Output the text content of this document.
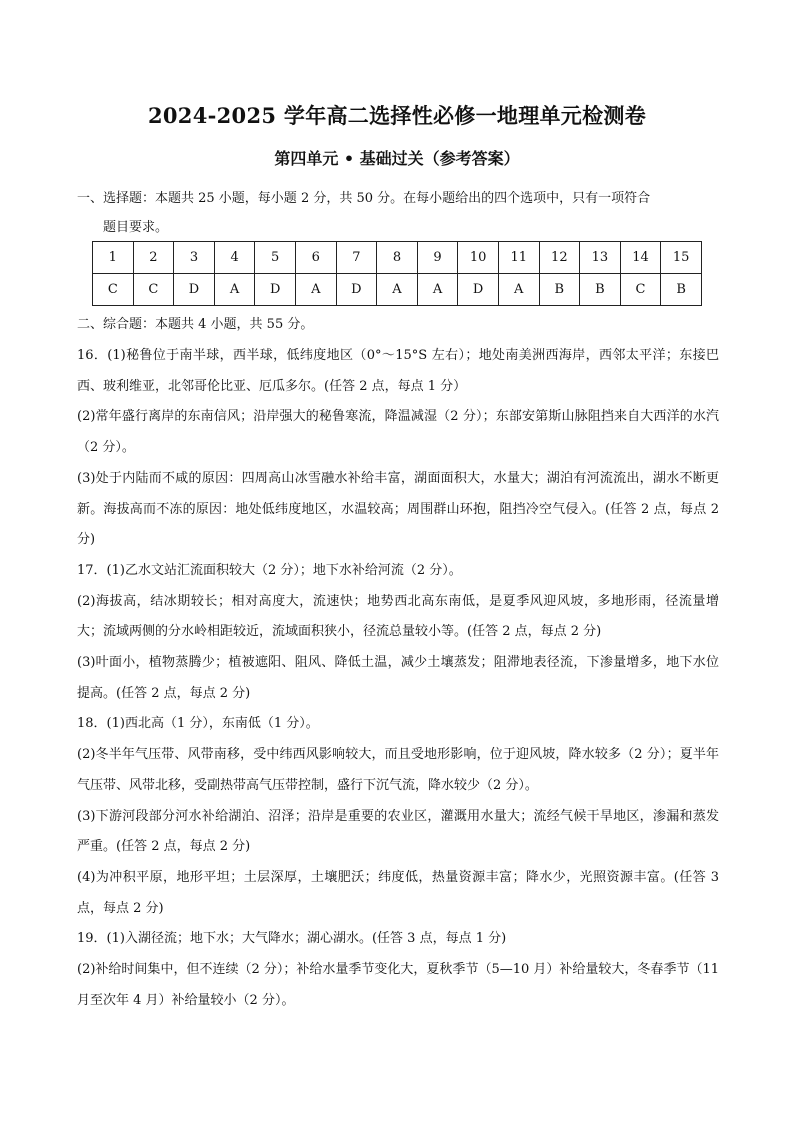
2024-2025 学年高二选择性必修一地理单元检测卷
第四单元 • 基础过关（参考答案）
一、选择题：本题共 25 小题，每小题 2 分，共 50 分。在每小题给出的四个选项中，只有一项符合
题目要求。
1	2	3	4	5	6	7	8	9	10	11	12	13	14	15
C	C	D	A	D	A	D	A	A	D	A	B	B	C	B
二、综合题：本题共 4 小题，共 55 分。

16．(1)秘鲁位于南半球，西半球，低纬度地区（0°～15°S 左右）；地处南美洲西海岸，西邻太平洋；东接巴西、玻利维亚，北邻哥伦比亚、厄瓜多尔。(任答 2 点，每点 1 分）

(2)常年盛行离岸的东南信风；沿岸强大的秘鲁寒流，降温减湿（2 分）；东部安第斯山脉阻挡来自大西洋的水汽（2 分）。

(3)处于内陆而不咸的原因：四周高山冰雪融水补给丰富，湖面面积大，水量大；湖泊有河流流出，湖水不断更新。海拔高而不冻的原因：地处低纬度地区，水温较高；周围群山环抱，阻挡冷空气侵入。(任答 2 点，每点 2 分)

17．(1)乙水文站汇流面积较大（2 分）；地下水补给河流（2 分）。

(2)海拔高，结冰期较长；相对高度大，流速快；地势西北高东南低，是夏季风迎风坡，多地形雨，径流量增大；流域两侧的分水岭相距较近，流域面积狭小，径流总量较小等。(任答 2 点，每点 2 分)

(3)叶面小，植物蒸腾少；植被遮阳、阻风、降低土温，减少土壤蒸发；阻滞地表径流，下渗量增多，地下水位提高。(任答 2 点，每点 2 分)

18．(1)西北高（1 分），东南低（1 分）。

(2)冬半年气压带、风带南移，受中纬西风影响较大，而且受地形影响，位于迎风坡，降水较多（2 分）；夏半年气压带、风带北移，受副热带高气压带控制，盛行下沉气流，降水较少（2 分）。

(3)下游河段部分河水补给湖泊、沼泽；沿岸是重要的农业区，灌溉用水量大；流经气候干旱地区，渗漏和蒸发严重。(任答 2 点，每点 2 分)

(4)为冲积平原，地形平坦；土层深厚，土壤肥沃；纬度低，热量资源丰富；降水少，光照资源丰富。(任答 3 点，每点 2 分)

19．(1)入湖径流；地下水；大气降水；湖心湖水。(任答 3 点，每点 1 分)

(2)补给时间集中，但不连续（2 分）；补给水量季节变化大，夏秋季节（5—10 月）补给量较大，冬春季节（11 月至次年 4 月）补给量较小（2 分）。
